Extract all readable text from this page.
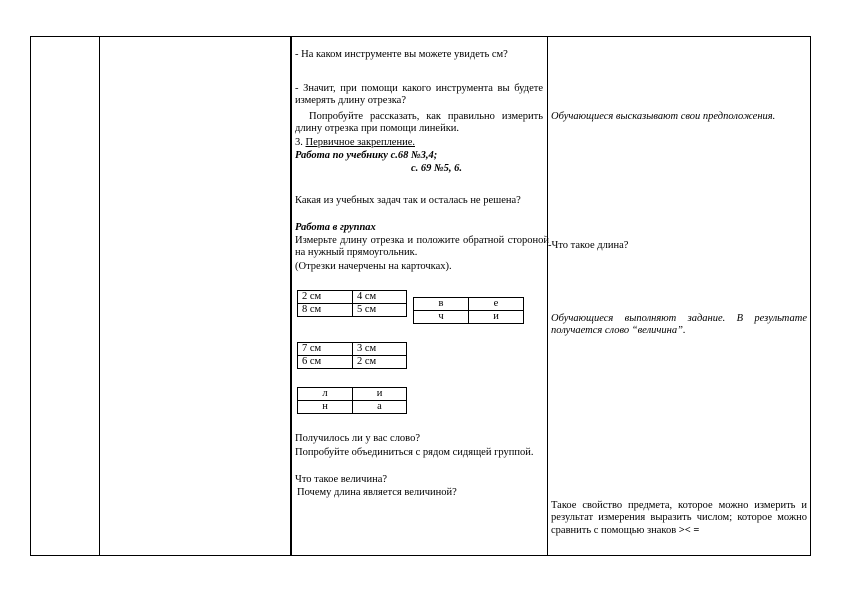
- На каком инструменте вы можете увидеть см?
- Значит, при помощи какого инструмента вы будете измерять длину отрезка?
Попробуйте рассказать, как правильно измерить длину отрезка при помощи линейки.
3. Первичное закрепление.
Работа по учебнику с.68 №3,4;
с. 69 №5, 6.
Какая из учебных задач так и осталась не решена?
Работа в группах
Измерьте длину отрезка и положите обратной стороной на нужный прямоугольник.
(Отрезки начерчены на карточках).
2 см	4 см
8 см	5 см
в	е
ч	и
7 см	3 см
6 см	2 см
л	и
н	а
Получилось ли у вас слово?
Попробуйте объединиться с рядом сидящей группой.
Что такое величина?
Почему длина является величиной?
Обучающиеся высказывают свои предположения.
-Что такое длина?
Обучающиеся выполняют задание. В результате получается слово “величина”.
Такое свойство предмета, которое можно измерить и результат измерения выразить числом; которое можно сравнить с помощью знаков >< =
